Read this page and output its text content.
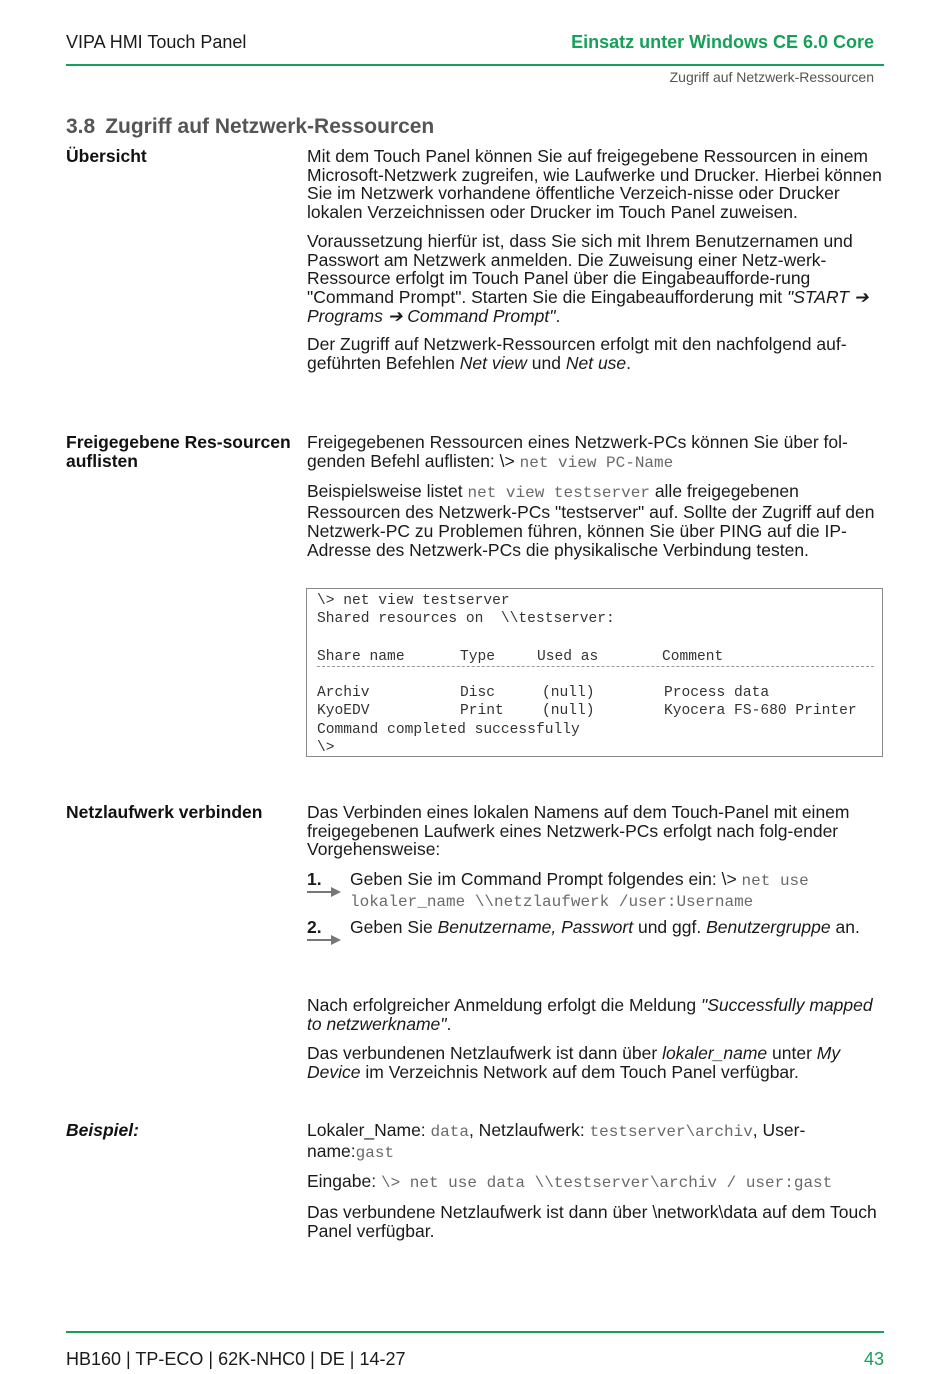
VIPA HMI Touch Panel	Einsatz unter Windows CE 6.0 Core
Zugriff auf Netzwerk-Ressourcen
3.8 Zugriff auf Netzwerk-Ressourcen
Übersicht	Mit dem Touch Panel können Sie auf freigegebene Ressourcen in einem Microsoft-Netzwerk zugreifen, wie Laufwerke und Drucker. Hierbei können Sie im Netzwerk vorhandene öffentliche Verzeich-nisse oder Drucker lokalen Verzeichnissen oder Drucker im Touch Panel zuweisen.

Voraussetzung hierfür ist, dass Sie sich mit Ihrem Benutzernamen und Passwort am Netzwerk anmelden. Die Zuweisung einer Netz-werk-Ressource erfolgt im Touch Panel über die Eingabeaufforde-rung "Command Prompt". Starten Sie die Eingabeaufforderung mit "START ➔ Programs ➔ Command Prompt".

Der Zugriff auf Netzwerk-Ressourcen erfolgt mit den nachfolgend auf-geführten Befehlen Net view und Net use.

Freigegebene Res-sourcen auflisten

Freigegebenen Ressourcen eines Netzwerk-PCs können Sie über fol-genden Befehl auflisten: \> net view PC-Name

Beispielsweise listet net view testserver alle freigegebenen Ressourcen des Netzwerk-PCs "testserver" auf. Sollte der Zugriff auf den Netzwerk-PC zu Problemen führen, können Sie über PING auf die IP-Adresse des Netzwerk-PCs die physikalische Verbindung testen.

\> net view testserver
Shared resources on  \\testserver:
Share name	Type	Used as	Comment
Archiv	Disc	(null)	Process data
KyoEDV	Print	(null)	Kyocera FS-680 Printer
Command completed successfully
\>
Netzlaufwerk verbinden	Das Verbinden eines lokalen Namens auf dem Touch-Panel mit einem freigegebenen Laufwerk eines Netzwerk-PCs erfolgt nach folg-ender Vorgehensweise:

1. Geben Sie im Command Prompt folgendes ein: \> net use lokaler_name \\netzlaufwerk /user:Username
2. Geben Sie Benutzername, Passwort und ggf. Benutzergruppe an.

Nach erfolgreicher Anmeldung erfolgt die Meldung "Successfully mapped to netzwerkname".

Das verbundenen Netzlaufwerk ist dann über lokaler_name unter My Device im Verzeichnis Network auf dem Touch Panel verfügbar.

Beispiel:	Lokaler_Name: data, Netzlaufwerk: testserver\archiv, User-name:gast

Eingabe: \> net use data \\testserver\archiv / user:gast

Das verbundene Netzlaufwerk ist dann über \network\data auf dem Touch Panel verfügbar.

HB160 | TP-ECO | 62K-NHC0 | DE | 14-27	43
